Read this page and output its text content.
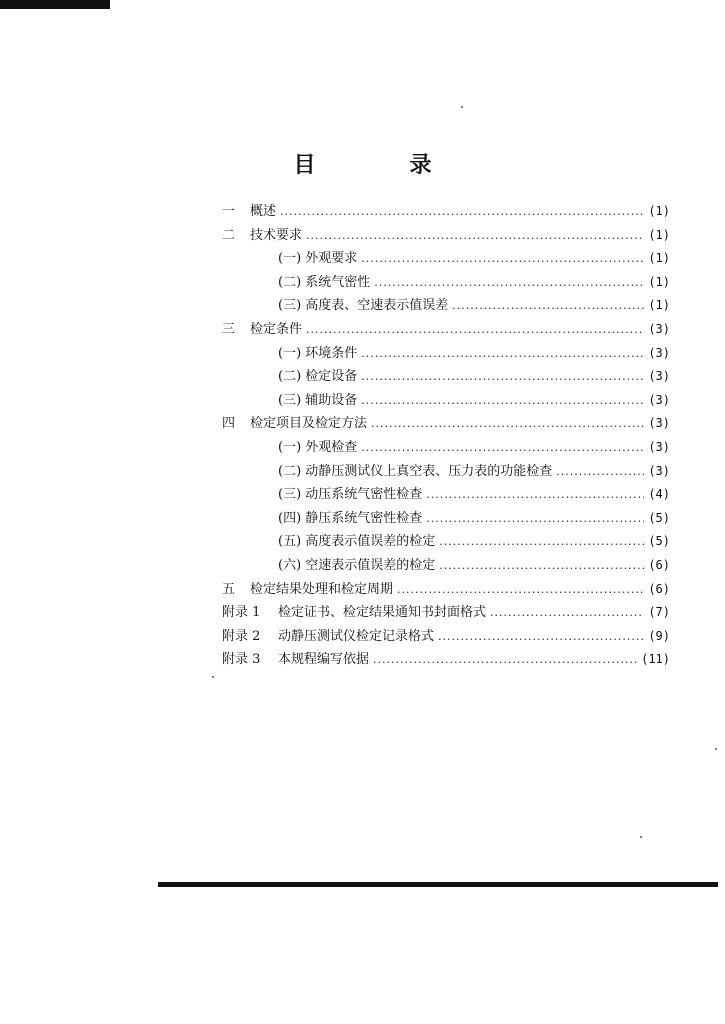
目　录
一	概述 .....	(1)
二	技术要求 .....	(1)
(一) 外观要求 .....	(1)
(二) 系统气密性 .....	(1)
(三) 高度表、空速表示值误差 .....	(1)
三	检定条件 .....	(3)
(一) 环境条件 .....	(3)
(二) 检定设备 .....	(3)
(三) 辅助设备 .....	(3)
四	检定项目及检定方法 .....	(3)
(一) 外观检查 .....	(3)
(二) 动静压测试仪上真空表、压力表的功能检查 .....	(3)
(三) 动压系统气密性检查 .....	(4)
(四) 静压系统气密性检查 .....	(5)
(五) 高度表示值误差的检定 .....	(5)
(六) 空速表示值误差的检定 .....	(6)
五	检定结果处理和检定周期 .....	(6)
附录 1	检定证书、检定结果通知书封面格式 .....	(7)
附录 2	动静压测试仪检定记录格式 .....	(9)
附录 3	本规程编写依据 .....	(11)
